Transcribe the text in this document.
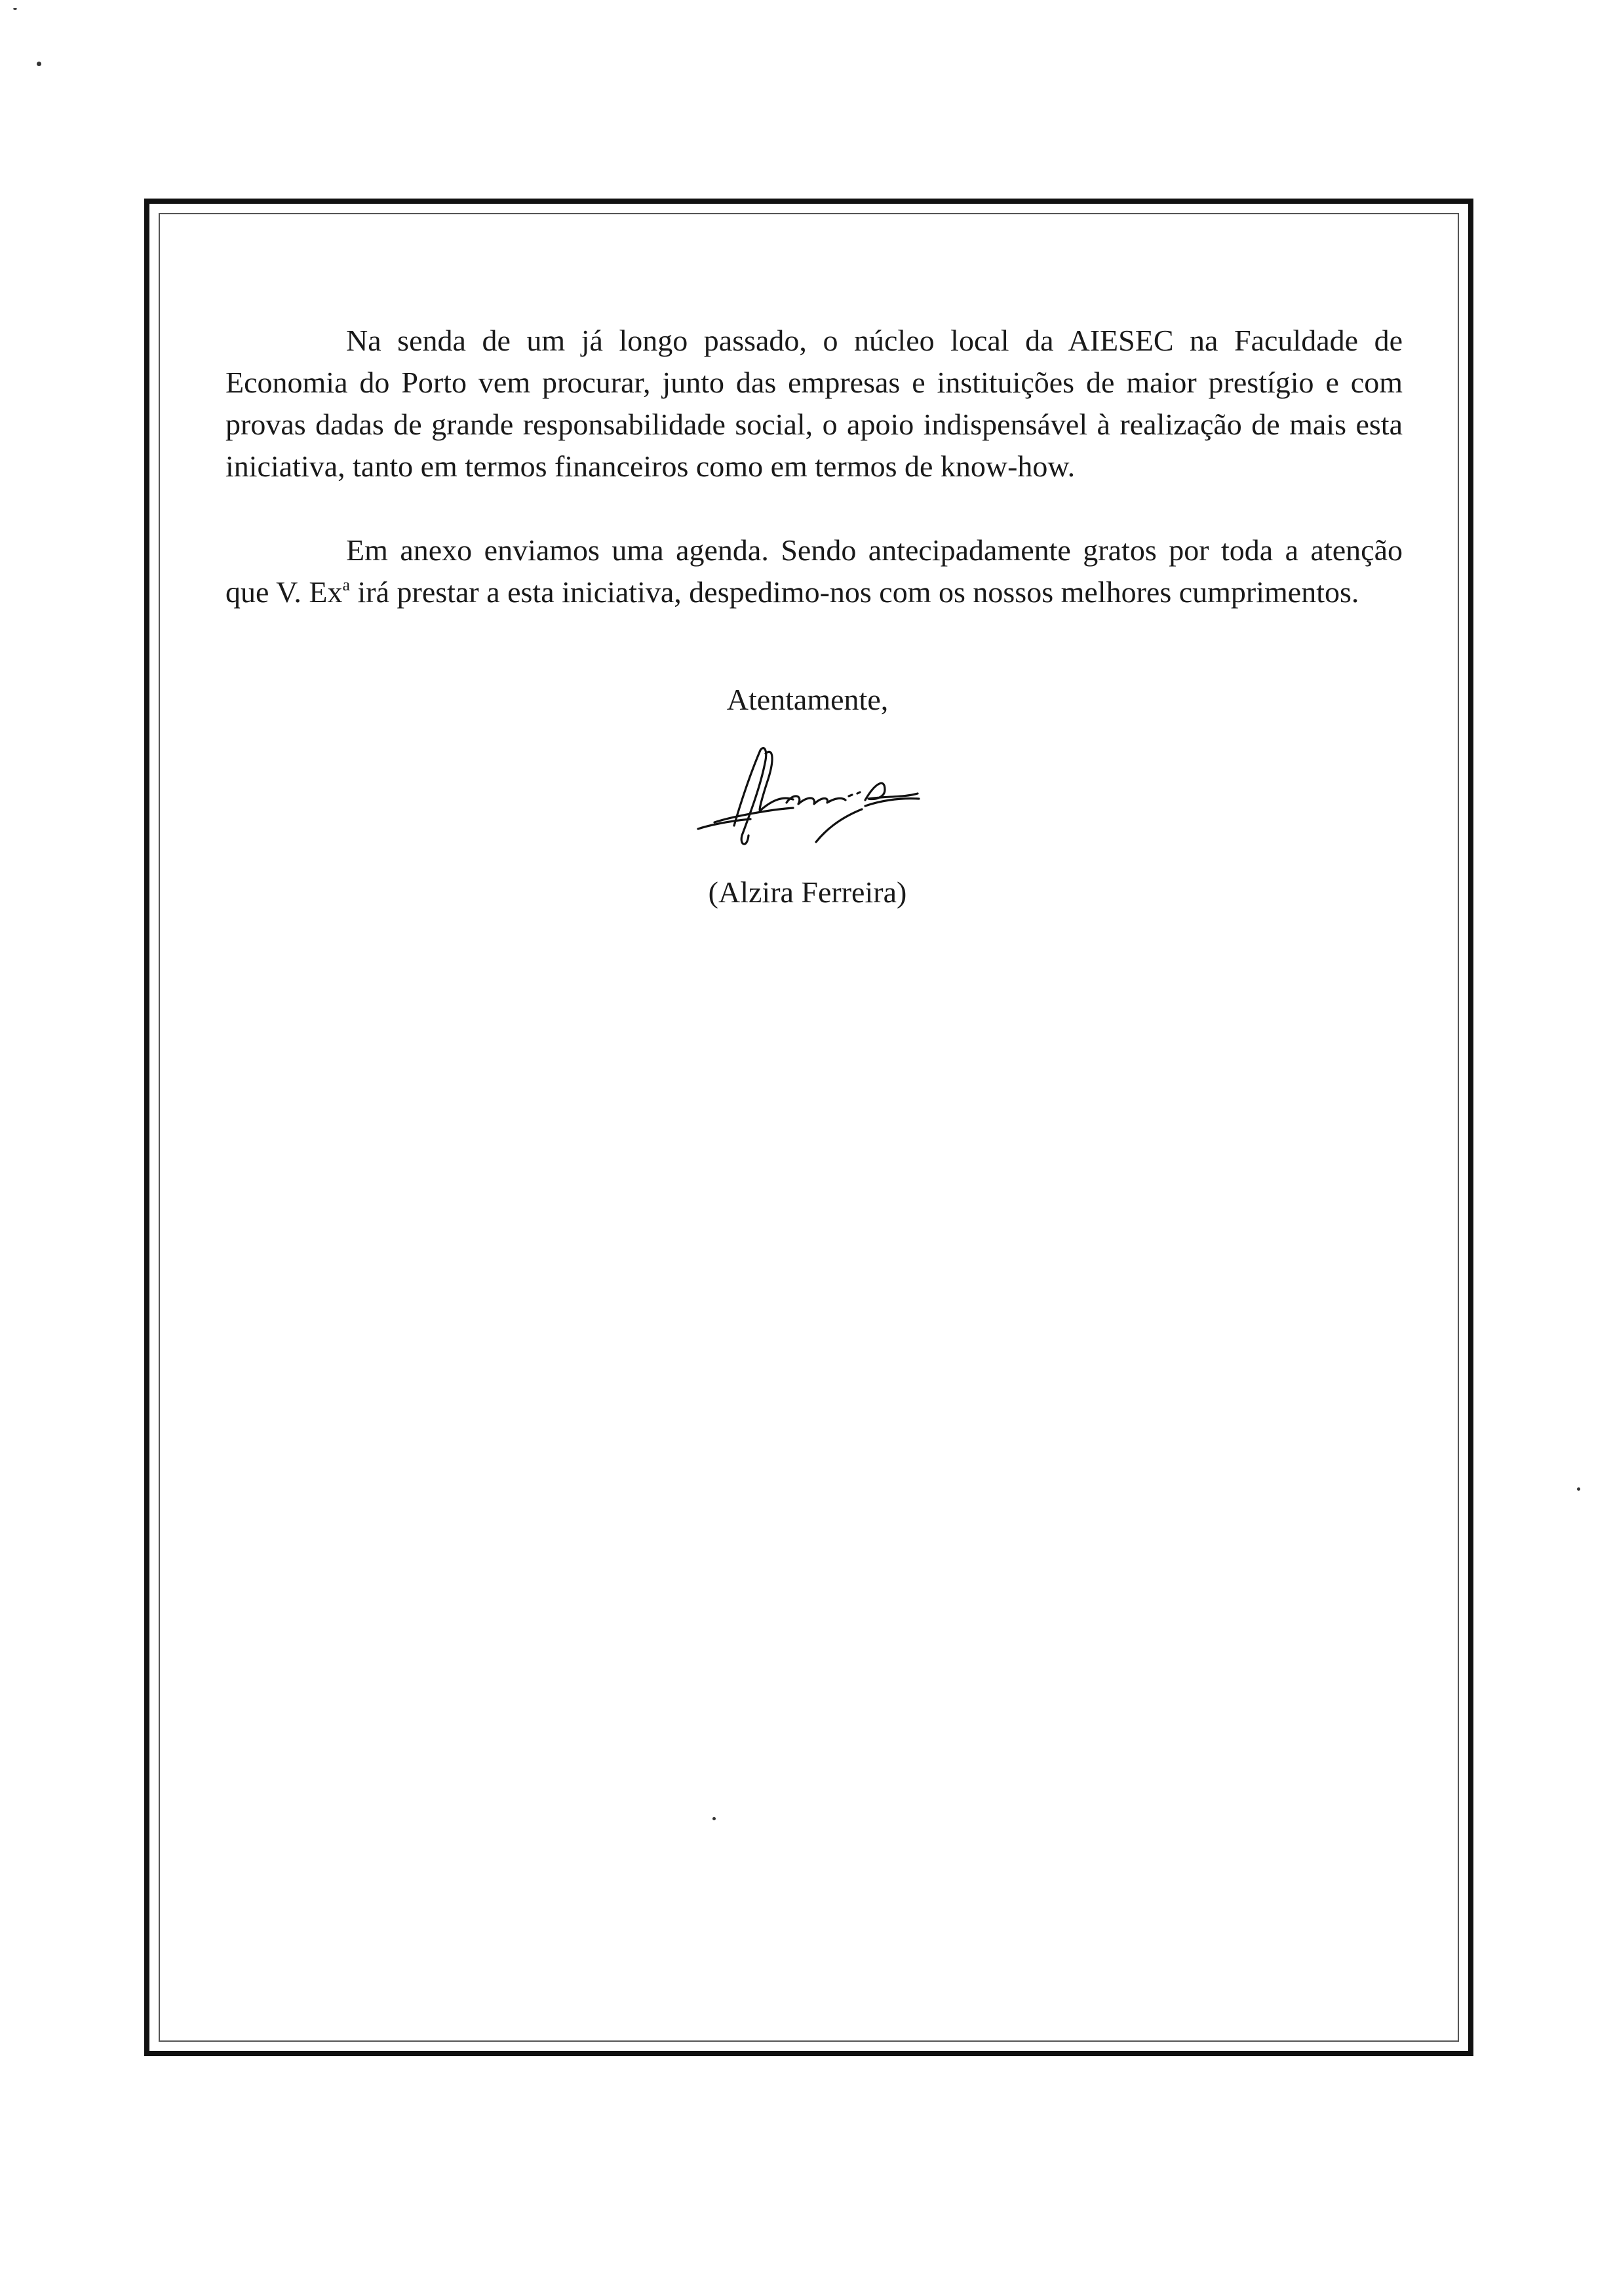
Na senda de um já longo passado, o núcleo local da AIESEC na Faculdade de Economia do Porto vem procurar, junto das empresas e instituições de maior prestígio e com provas dadas de grande responsabilidade social, o apoio indispensável à realização de mais esta iniciativa, tanto em termos financeiros como em termos de know-how.

Em anexo enviamos uma agenda. Sendo antecipadamente gratos por toda a atenção que V. Ex$^a$ irá prestar a esta iniciativa, despedimo-nos com os nossos melhores cumprimentos.

Atentamente,
(Alzira Ferreira)
